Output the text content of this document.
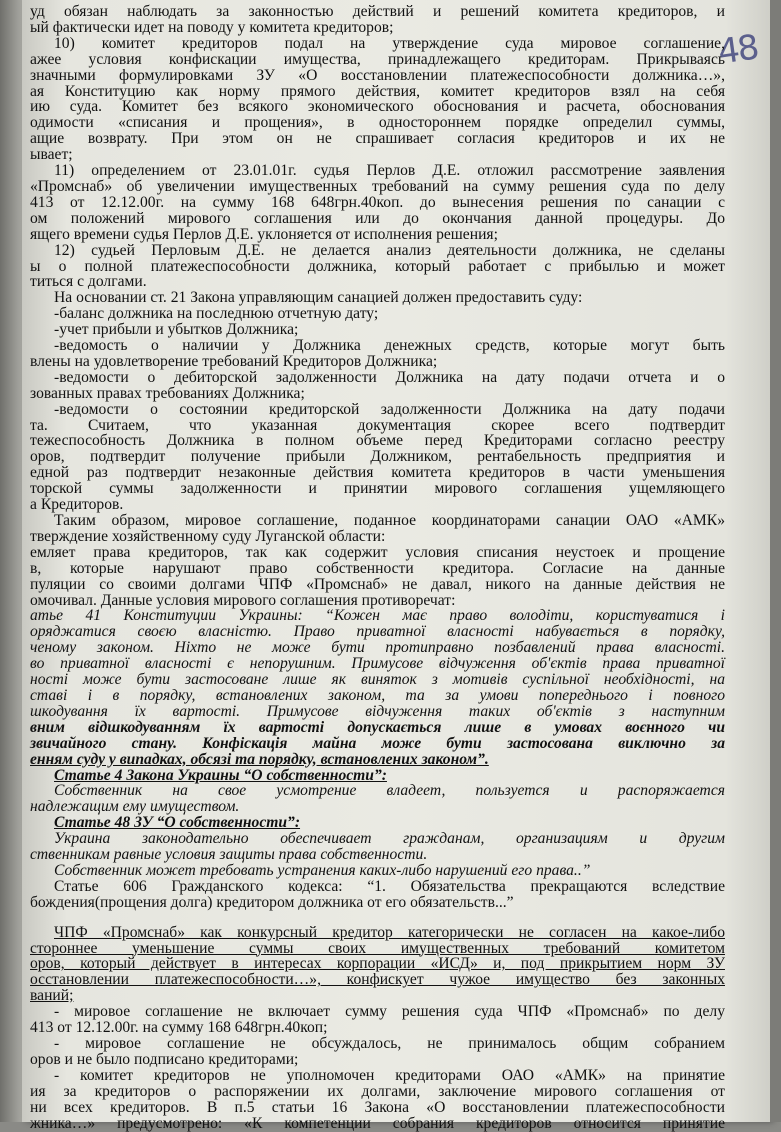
48
уд обязан наблюдать за законностью действий и решений комитета кредиторов, и
ый фактически идет на поводу у комитета кредиторов;
10) комитет кредиторов подал на утверждение суда мировое соглашение,
ажее условия конфискации имущества, принадлежащего кредиторам. Прикрываясь
значными формулировками ЗУ «О восстановлении платежеспособности должника…»,
ая Конституцию как норму прямого действия, комитет кредиторов взял на себя
ию суда. Комитет без всякого экономического обоснования и расчета, обоснования
одимости «списания и прощения», в одностороннем порядке определил суммы,
ащие возврату. При этом он не спрашивает согласия кредиторов и их не
ывает;
11) определением от 23.01.01г. судья Перлов Д.Е. отложил рассмотрение заявления
«Промснаб» об увеличении имущественных требований на сумму решения суда по делу
413 от 12.12.00г. на сумму 168 648грн.40коп. до вынесения решения по санации с
ом положений мирового соглашения или до окончания данной процедуры. До
ящего времени судья Перлов Д.Е. уклоняется от исполнения решения;
12) судьей Перловым Д.Е. не делается анализ деятельности должника, не сделаны
ы о полной платежеспособности должника, который работает с прибылью и может
титься с долгами.
На основании ст. 21 Закона управляющим санацией должен предоставить суду:
-баланс должника на последнюю отчетную дату;
-учет прибыли и убытков Должника;
-ведомость о наличии у Должника денежных средств, которые могут быть
влены на удовлетворение требований Кредиторов Должника;
-ведомости о дебиторской задолженности Должника на дату подачи отчета и о
зованных правах требованиях Должника;
-ведомости о состоянии кредиторской задолженности Должника на дату подачи
та. Считаем, что указанная документация скорее всего подтвердит
тежеспособность Должника в полном объеме перед Кредиторами согласно реестру
оров, подтвердит получение прибыли Должником, рентабельность предприятия и
едной раз подтвердит незаконные действия комитета кредиторов в части уменьшения
торской суммы задолженности и принятии мирового соглашения ущемляющего
а Кредиторов.
Таким образом, мировое соглашение, поданное координаторами санации ОАО «АМК»
тверждение хозяйственному суду Луганской области:
емляет права кредиторов, так как содержит условия списания неустоек и прощение
в, которые нарушают право собственности кредитора. Согласие на данные
пуляции со своими долгами ЧПФ «Промснаб» не давал, никого на данные действия не
омочивал. Данные условия мирового соглашения противоречат:
атье 41 Конституции Украины: “Кожен має право володіти, користуватися і
оряджатися своєю власністю. Право приватної власності набувається в порядку,
ченому законом. Ніхто не може бути протиправно позбавлений права власності.
во приватної власності є непорушним. Примусове відчуження об'єктів права приватної
ності може бути застосоване лише як виняток з мотивів суспільної необхідності, на
ставі і в порядку, встановлених законом, та за умови попереднього і повного
шкодування їх вартості. Примусове відчуження таких об'єктів з наступним
вним відшкодуванням їх вартості допускається лише в умовах воєнного чи
звичайного стану. Конфіскація майна може бути застосована виключно за
енням суду у випадках, обсязі та порядку, встановлених законом”.
Статье 4 Закона Украины “О собственности”:
Собственник на свое усмотрение владеет, пользуется и распоряжается
надлежащим ему имуществом.
Статье 48 ЗУ “О собственности”:
Украина законодательно обеспечивает гражданам, организациям и другим
ственникам равные условия защиты права собственности.
Собственник может требовать устранения каких-либо нарушений его права..”
Статье 606 Гражданского кодекса: “1. Обязательства прекращаются вследствие
бождения(прощения долга) кредитором должника от его обязательств...”
ЧПФ «Промснаб» как конкурсный кредитор категорически не согласен на какое-либо
стороннее уменьшение суммы своих имущественных требований комитетом
оров, который действует в интересах корпорации «ИСД» и, под прикрытием норм ЗУ
осстановлении платежеспособности…», конфискует чужое имущество без законных
ваний;
- мировое соглашение не включает сумму решения суда ЧПФ «Промснаб» по делу
413 от 12.12.00г. на сумму 168 648грн.40коп;
- мировое соглашение не обсуждалось, не принималось общим собранием
оров и не было подписано кредиторами;
- комитет кредиторов не уполномочен кредиторами ОАО «АМК» на принятие
ия за кредиторов о распоряжении их долгами, заключение мирового соглашения от
ни всех кредиторов. В п.5 статьи 16 Закона «О восстановлении платежеспособности
жника…» предусмотрено: «К компетенции собрания кредиторов относится принятие
